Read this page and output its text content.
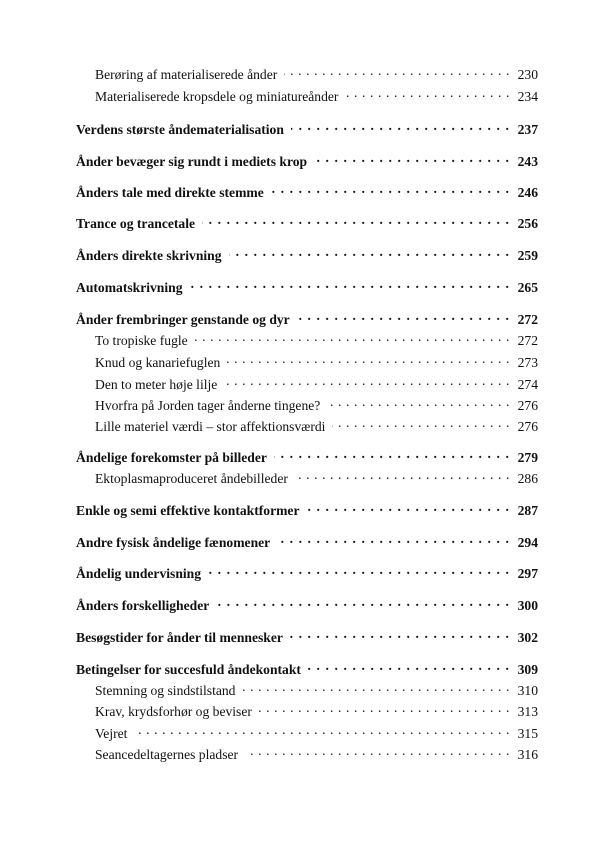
Berøring af materialiserede ånder . . .	230
Materialiserede kropsdele og miniatureånder . . .	234
Verdens største åndematerialisation . . .	237
Ånder bevæger sig rundt i mediets krop . . .	243
Ånders tale med direkte stemme . . .	246
Trance og trancetale . . .	256
Ånders direkte skrivning . . .	259
Automatskrivning . . .	265
Ånder frembringer genstande og dyr . . .	272
To tropiske fugle . . .	272
Knud og kanariefuglen . . .	273
Den to meter høje lilje . . .	274
Hvorfra på Jorden tager ånderne tingene? . . .	276
Lille materiel værdi – stor affektionsværdi . . .	276
Åndelige forekomster på billeder . . .	279
Ektoplasmaproduceret åndebilleder . . .	286
Enkle og semi effektive kontaktformer . . .	287
Andre fysisk åndelige fænomener . . .	294
Åndelig undervisning . . .	297
Ånders forskelligheder . . .	300
Besøgstider for ånder til mennesker . . .	302
Betingelser for succesfuld åndekontakt . . .	309
Stemning og sindstilstand . . .	310
Krav, krydsforhør og beviser . . .	313
Vejret . . .	315
Seancedeltagernes pladser . . .	316
